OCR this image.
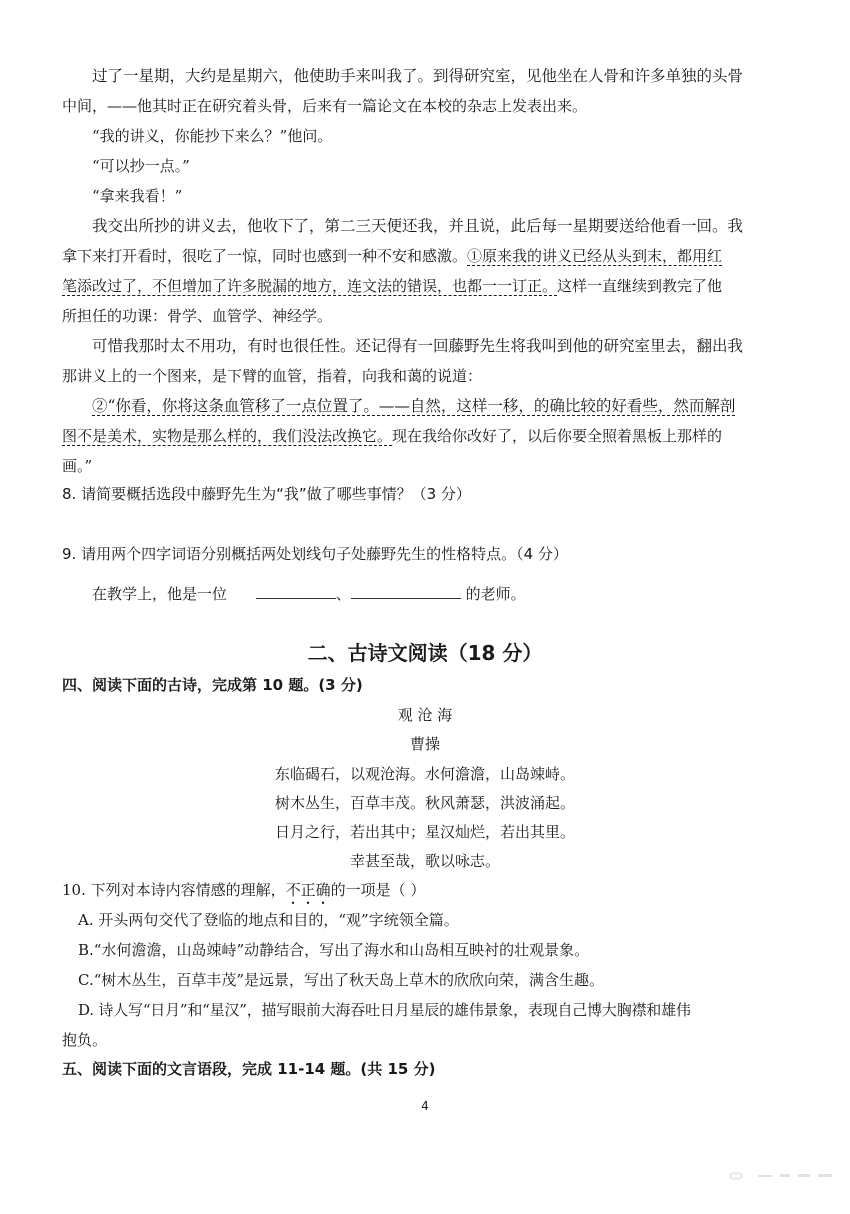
过了一星期，大约是星期六，他使助手来叫我了。到得研究室，见他坐在人骨和许多单独的头骨
中间，——他其时正在研究着头骨，后来有一篇论文在本校的杂志上发表出来。
“我的讲义，你能抄下来么？”他问。
“可以抄一点。”
“拿来我看！”
我交出所抄的讲义去，他收下了，第二三天便还我，并且说，此后每一星期要送给他看一回。我
拿下来打开看时，很吃了一惊，同时也感到一种不安和感激。①原来我的讲义已经从头到末，都用红
笔添改过了，不但增加了许多脱漏的地方，连文法的错误，也都一一订正。这样一直继续到教完了他
所担任的功课：骨学、血管学、神经学。
可惜我那时太不用功，有时也很任性。还记得有一回藤野先生将我叫到他的研究室里去，翻出我
那讲义上的一个图来，是下臂的血管，指着，向我和蔼的说道：
②“你看，你将这条血管移了一点位置了。——自然，这样一移，的确比较的好看些，然而解剖
图不是美术，实物是那么样的，我们没法改换它。现在我给你改好了，以后你要全照着黑板上那样的
画。”
8. 请简要概括选段中藤野先生为“我”做了哪些事情？（3 分）
9. 请用两个四字词语分别概括两处划线句子处藤野先生的性格特点。（4 分）
在教学上，他是一位	、	的老师。
二、古诗文阅读（18 分）
四、阅读下面的古诗，完成第 10 题。(3 分)
观 沧 海
曹操
东临碣石，以观沧海。水何澹澹，山岛竦峙。
树木丛生，百草丰茂。秋风萧瑟，洪波涌起。
日月之行，若出其中；星汉灿烂，若出其里。
幸甚至哉，歌以咏志。
10. 下列对本诗内容情感的理解，不正确的一项是（ ）
A. 开头两句交代了登临的地点和目的，“观”字统领全篇。
B.“水何澹澹，山岛竦峙”动静结合，写出了海水和山岛相互映衬的壮观景象。
C.“树木丛生，百草丰茂”是远景，写出了秋天岛上草木的欣欣向荣，满含生趣。
D. 诗人写“日月”和“星汉”，描写眼前大海吞吐日月星辰的雄伟景象，表现自己博大胸襟和雄伟
抱负。
五、阅读下面的文言语段，完成 11-14 题。(共 15 分)
4
